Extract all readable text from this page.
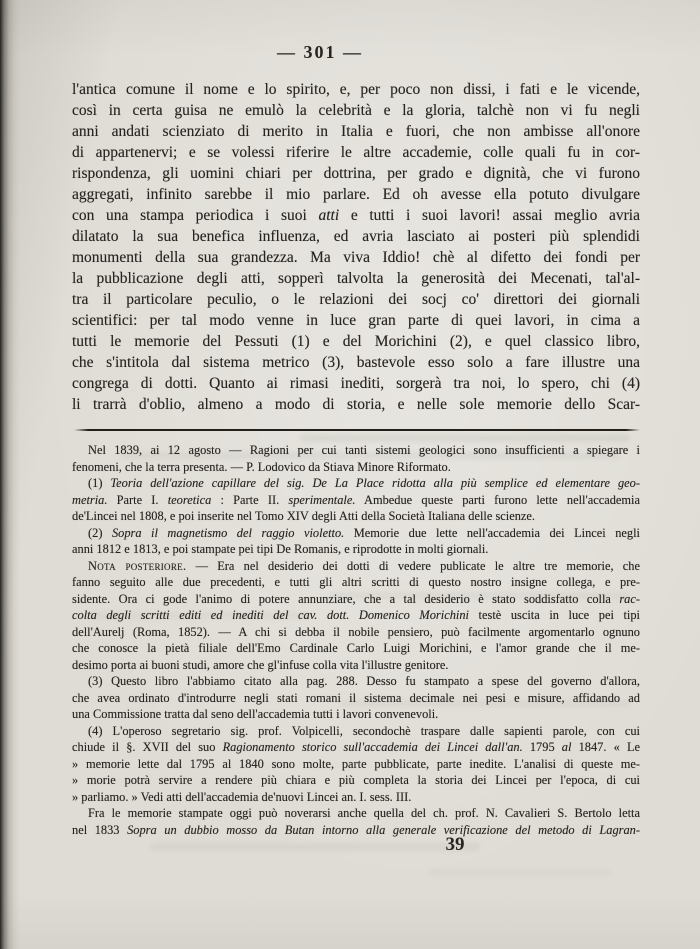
— 301 —
l'antica comune il nome e lo spirito, e, per poco non dissi, i fati e le vicende,
così in certa guisa ne emulò la celebrità e la gloria, talchè non vi fu negli
anni andati scienziato di merito in Italia e fuori, che non ambisse all'onore
di appartenervi; e se volessi riferire le altre accademie, colle quali fu in cor-
rispondenza, gli uomini chiari per dottrina, per grado e dignità, che vi furono
aggregati, infinito sarebbe il mio parlare. Ed oh avesse ella potuto divulgare
con una stampa periodica i suoi atti e tutti i suoi lavori! assai meglio avria
dilatato la sua benefica influenza, ed avria lasciato ai posteri più splendidi
monumenti della sua grandezza. Ma viva Iddio! chè al difetto dei fondi per
la pubblicazione degli atti, sopperì talvolta la generosità dei Mecenati, tal'al-
tra il particolare peculio, o le relazioni dei socj co' direttori dei giornali
scientifici: per tal modo venne in luce gran parte di quei lavori, in cima a
tutti le memorie del Pessuti (1) e del Morichini (2), e quel classico libro,
che s'intitola dal sistema metrico (3), bastevole esso solo a fare illustre una
congrega di dotti. Quanto ai rimasi inediti, sorgerà tra noi, lo spero, chi (4)
li trarrà d'oblio, almeno a modo di storia, e nelle sole memorie dello Scar-
Nel 1839, ai 12 agosto — Ragioni per cui tanti sistemi geologici sono insufficienti a spiegare i
fenomeni, che la terra presenta. — P. Lodovico da Stiava Minore Riformato.
(1) Teoria dell'azione capillare del sig. De La Place ridotta alla più semplice ed elementare geo-
metria. Parte I. teoretica : Parte II. sperimentale. Ambedue queste parti furono lette nell'accademia
de'Lincei nel 1808, e poi inserite nel Tomo XIV degli Atti della Società Italiana delle scienze.
(2) Sopra il magnetismo del raggio violetto. Memorie due lette nell'accademia dei Lincei negli
anni 1812 e 1813, e poi stampate pei tipi De Romanis, e riprodotte in molti giornali.
Nota posteriore. — Era nel desiderio dei dotti di vedere publicate le altre tre memorie, che
fanno seguito alle due precedenti, e tutti gli altri scritti di questo nostro insigne collega, e pre-
sidente. Ora ci gode l'animo di potere annunziare, che a tal desiderio è stato soddisfatto colla rac-
colta degli scritti editi ed inediti del cav. dott. Domenico Morichini testè uscita in luce pei tipi
dell'Aurelj (Roma, 1852). — A chi si debba il nobile pensiero, può facilmente argomentarlo ognuno
che conosce la pietà filiale dell'Emo Cardinale Carlo Luigi Morichini, e l'amor grande che il me-
desimo porta ai buoni studi, amore che gl'infuse colla vita l'illustre genitore.
(3) Questo libro l'abbiamo citato alla pag. 288. Desso fu stampato a spese del governo d'allora,
che avea ordinato d'introdurre negli stati romani il sistema decimale nei pesi e misure, affidando ad
una Commissione tratta dal seno dell'accademia tutti i lavori convenevoli.
(4) L'operoso segretario sig. prof. Volpicelli, secondochè traspare dalle sapienti parole, con cui
chiude il §. XVII del suo Ragionamento storico sull'accademia dei Lincei dall'an. 1795 al 1847. « Le
» memorie lette dal 1795 al 1840 sono molte, parte pubblicate, parte inedite. L'analisi di queste me-
» morie potrà servire a rendere più chiara e più completa la storia dei Lincei per l'epoca, di cui
» parliamo. » Vedi atti dell'accademia de'nuovi Lincei an. I. sess. III.
Fra le memorie stampate oggi può noverarsi anche quella del ch. prof. N. Cavalieri S. Bertolo letta
nel 1833 Sopra un dubbio mosso da Butan intorno alla generale verificazione del metodo di Lagran-
39
